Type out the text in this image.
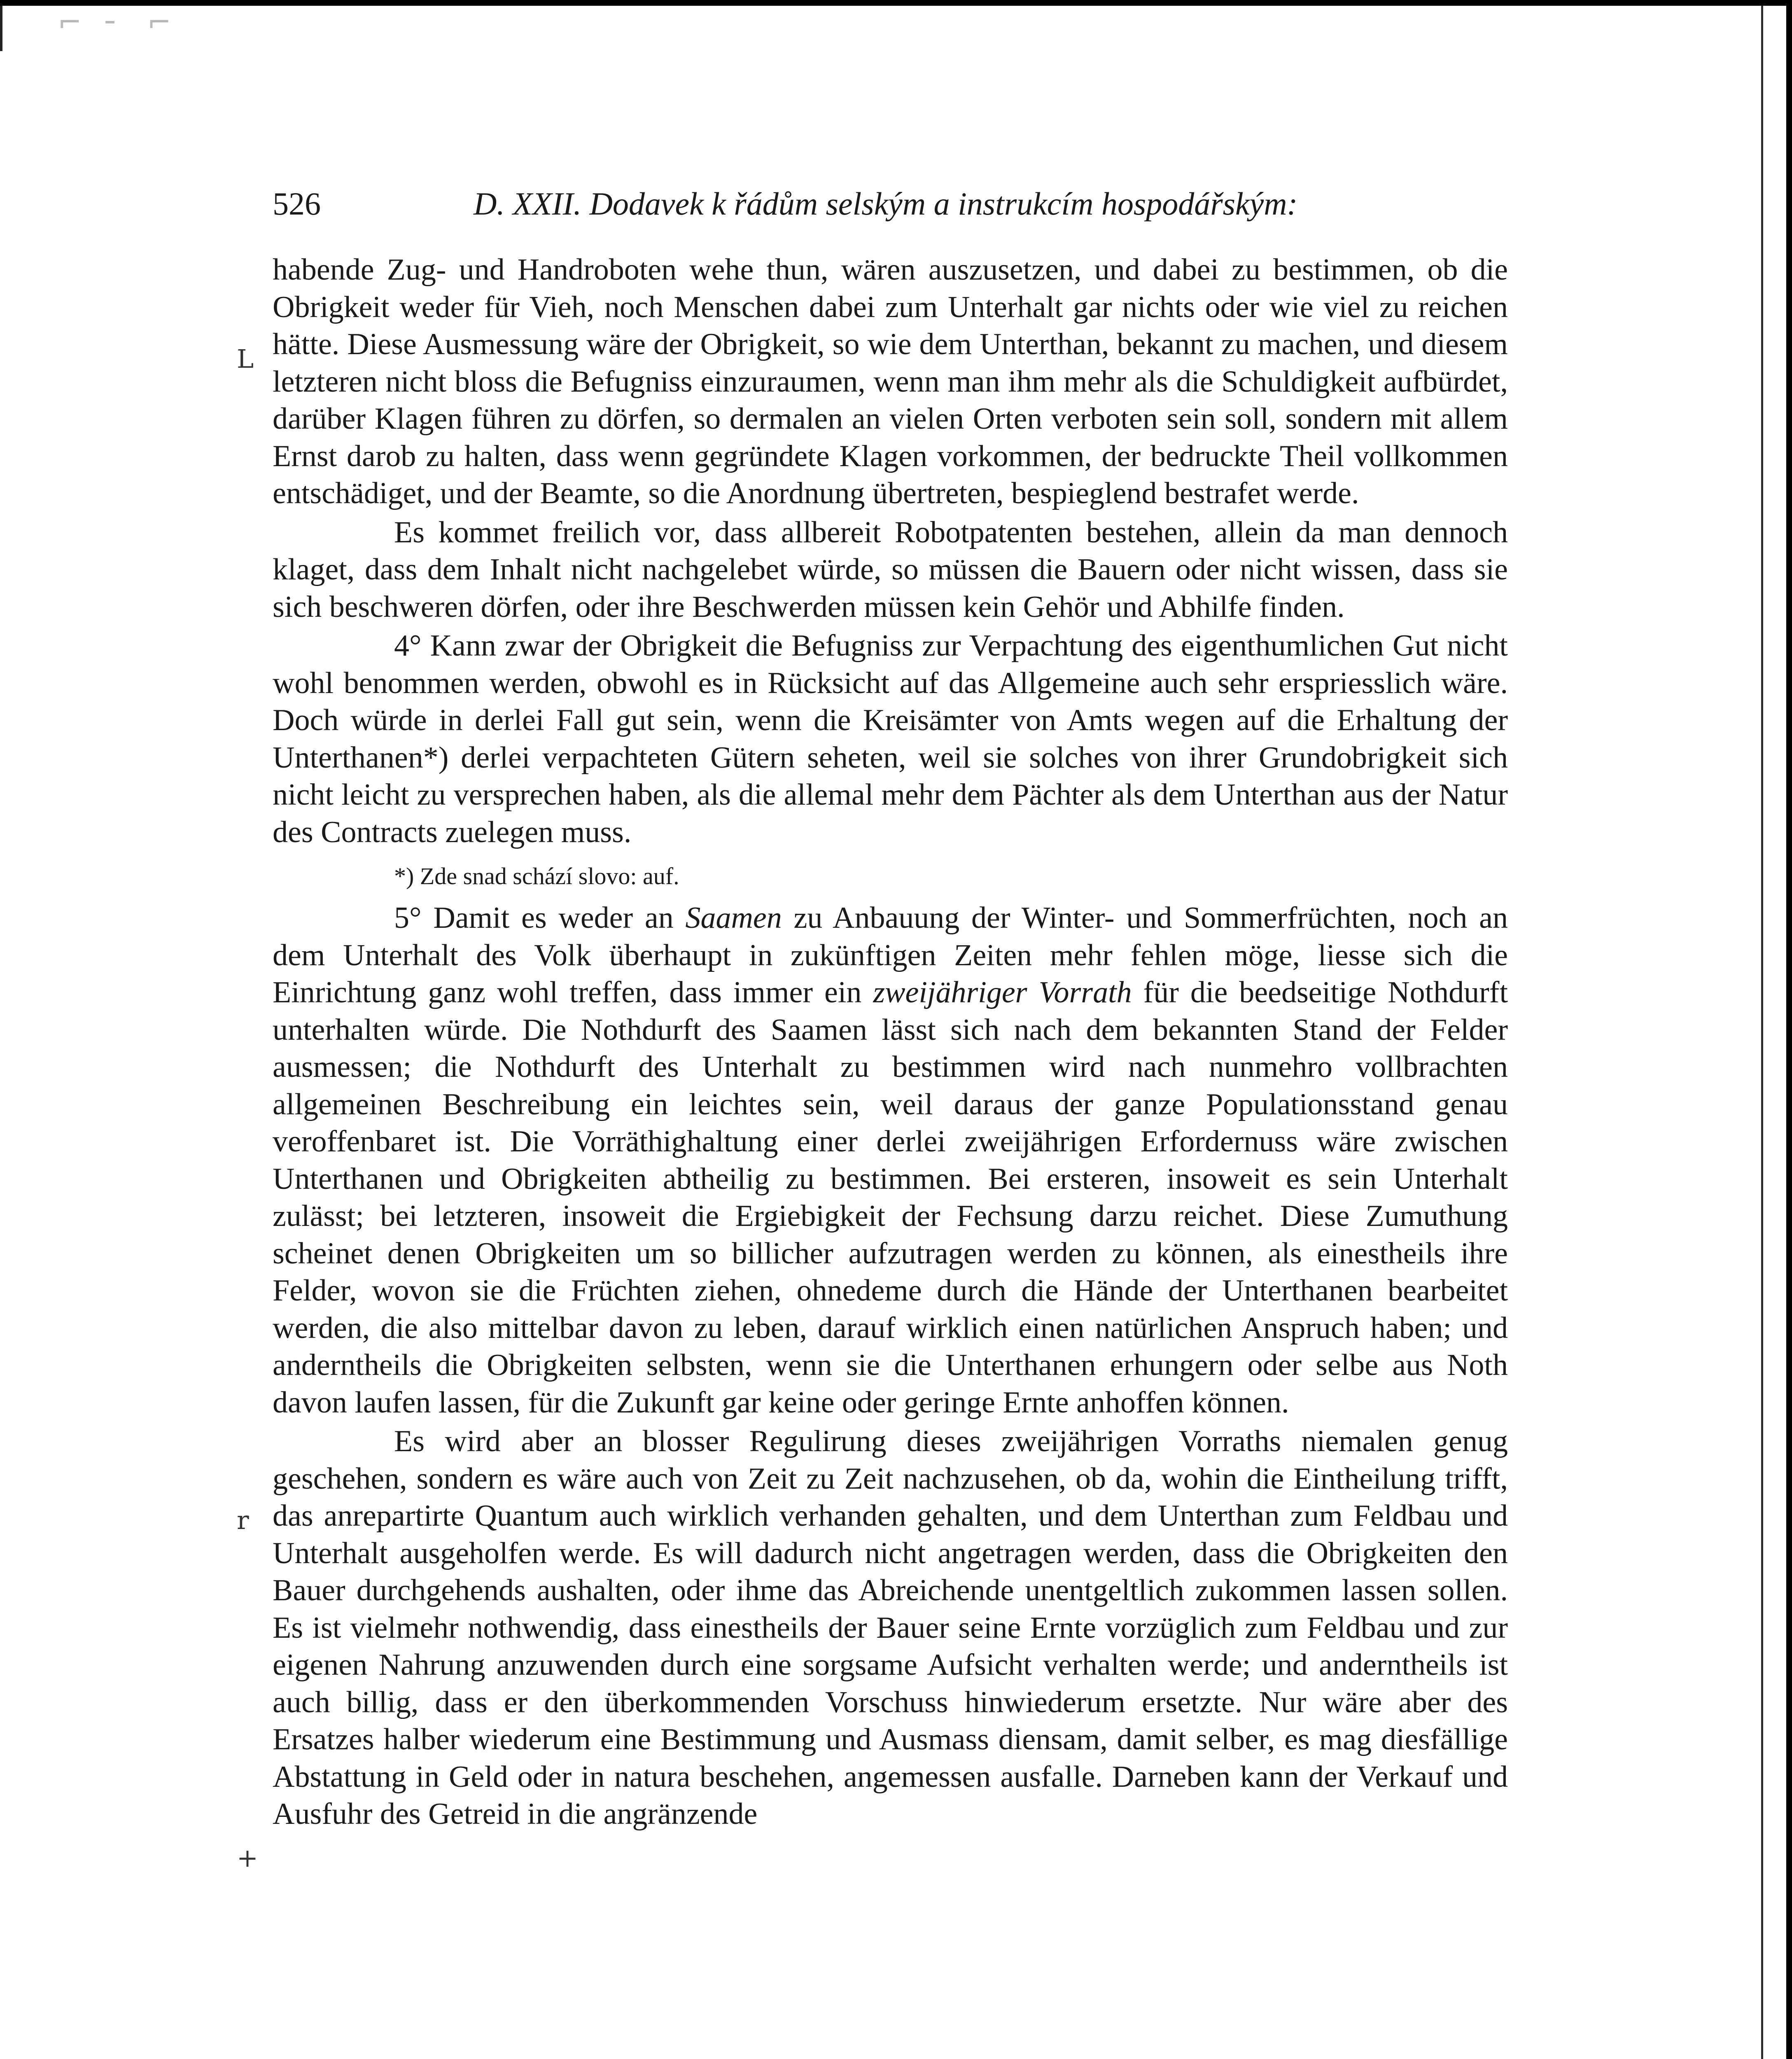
⌐ ╴ ⌐
526	D. XXII. Dodavek k řádům selským a instrukcím hospodářským:

habende Zug- und Handroboten wehe thun, wären auszusetzen, und dabei zu bestimmen, ob die Obrigkeit weder für Vieh, noch Menschen dabei zum Unterhalt gar nichts oder wie viel zu reichen hätte. Diese Ausmessung wäre der Obrigkeit, so wie dem Unterthan, bekannt zu machen, und diesem letzteren nicht bloss die Befugniss einzuraumen, wenn man ihm mehr als die Schuldigkeit aufbürdet, darüber Klagen führen zu dörfen, so dermalen an vielen Orten verboten sein soll, sondern mit allem Ernst darob zu halten, dass wenn gegründete Klagen vorkommen, der bedruckte Theil vollkommen entschädiget, und der Beamte, so die Anordnung übertreten, bespieglend bestrafet werde.

Es kommet freilich vor, dass allbereit Robotpatenten bestehen, allein da man dennoch klaget, dass dem Inhalt nicht nachgelebet würde, so müssen die Bauern oder nicht wissen, dass sie sich beschweren dörfen, oder ihre Beschwerden müssen kein Gehör und Abhilfe finden.

4° Kann zwar der Obrigkeit die Befugniss zur Verpachtung des eigenthumlichen Gut nicht wohl benommen werden, obwohl es in Rücksicht auf das Allgemeine auch sehr erspriesslich wäre. Doch würde in derlei Fall gut sein, wenn die Kreisämter von Amts wegen auf die Erhaltung der Unterthanen*) derlei verpachteten Gütern seheten, weil sie solches von ihrer Grundobrigkeit sich nicht leicht zu versprechen haben, als die allemal mehr dem Pächter als dem Unterthan aus der Natur des Contracts zuelegen muss.

*) Zde snad schází slovo: auf.

5° Damit es weder an Saamen zu Anbauung der Winter- und Sommerfrüchten, noch an dem Unterhalt des Volk überhaupt in zukünftigen Zeiten mehr fehlen möge, liesse sich die Einrichtung ganz wohl treffen, dass immer ein zweijähriger Vorrath für die beedseitige Nothdurft unterhalten würde. Die Nothdurft des Saamen lässt sich nach dem bekannten Stand der Felder ausmessen; die Nothdurft des Unterhalt zu bestimmen wird nach nunmehro vollbrachten allgemeinen Beschreibung ein leichtes sein, weil daraus der ganze Populationsstand genau veroffenbaret ist. Die Vorräthighaltung einer derlei zweijährigen Erfordernuss wäre zwischen Unterthanen und Obrigkeiten abtheilig zu bestimmen. Bei ersteren, insoweit es sein Unterhalt zulässt; bei letzteren, insoweit die Ergiebigkeit der Fechsung darzu reichet. Diese Zumuthung scheinet denen Obrigkeiten um so billicher aufzutragen werden zu können, als einestheils ihre Felder, wovon sie die Früchten ziehen, ohnedeme durch die Hände der Unterthanen bearbeitet werden, die also mittelbar davon zu leben, darauf wirklich einen natürlichen Anspruch haben; und anderntheils die Obrigkeiten selbsten, wenn sie die Unterthanen erhungern oder selbe aus Noth davon laufen lassen, für die Zukunft gar keine oder geringe Ernte anhoffen können.

Es wird aber an blosser Regulirung dieses zweijährigen Vorraths niemalen genug geschehen, sondern es wäre auch von Zeit zu Zeit nachzusehen, ob da, wohin die Eintheilung trifft, das anrepartirte Quantum auch wirklich verhanden gehalten, und dem Unterthan zum Feldbau und Unterhalt ausgeholfen werde. Es will dadurch nicht angetragen werden, dass die Obrigkeiten den Bauer durchgehends aushalten, oder ihme das Abreichende unentgeltlich zukommen lassen sollen. Es ist vielmehr nothwendig, dass einestheils der Bauer seine Ernte vorzüglich zum Feldbau und zur eigenen Nahrung anzuwenden durch eine sorgsame Aufsicht verhalten werde; und anderntheils ist auch billig, dass er den überkommenden Vorschuss hinwiederum ersetzte. Nur wäre aber des Ersatzes halber wiederum eine Bestimmung und Ausmass diensam, damit selber, es mag diesfällige Abstattung in Geld oder in natura beschehen, angemessen ausfalle. Darneben kann der Verkauf und Ausfuhr des Getreid in die angränzende

L
r
+
